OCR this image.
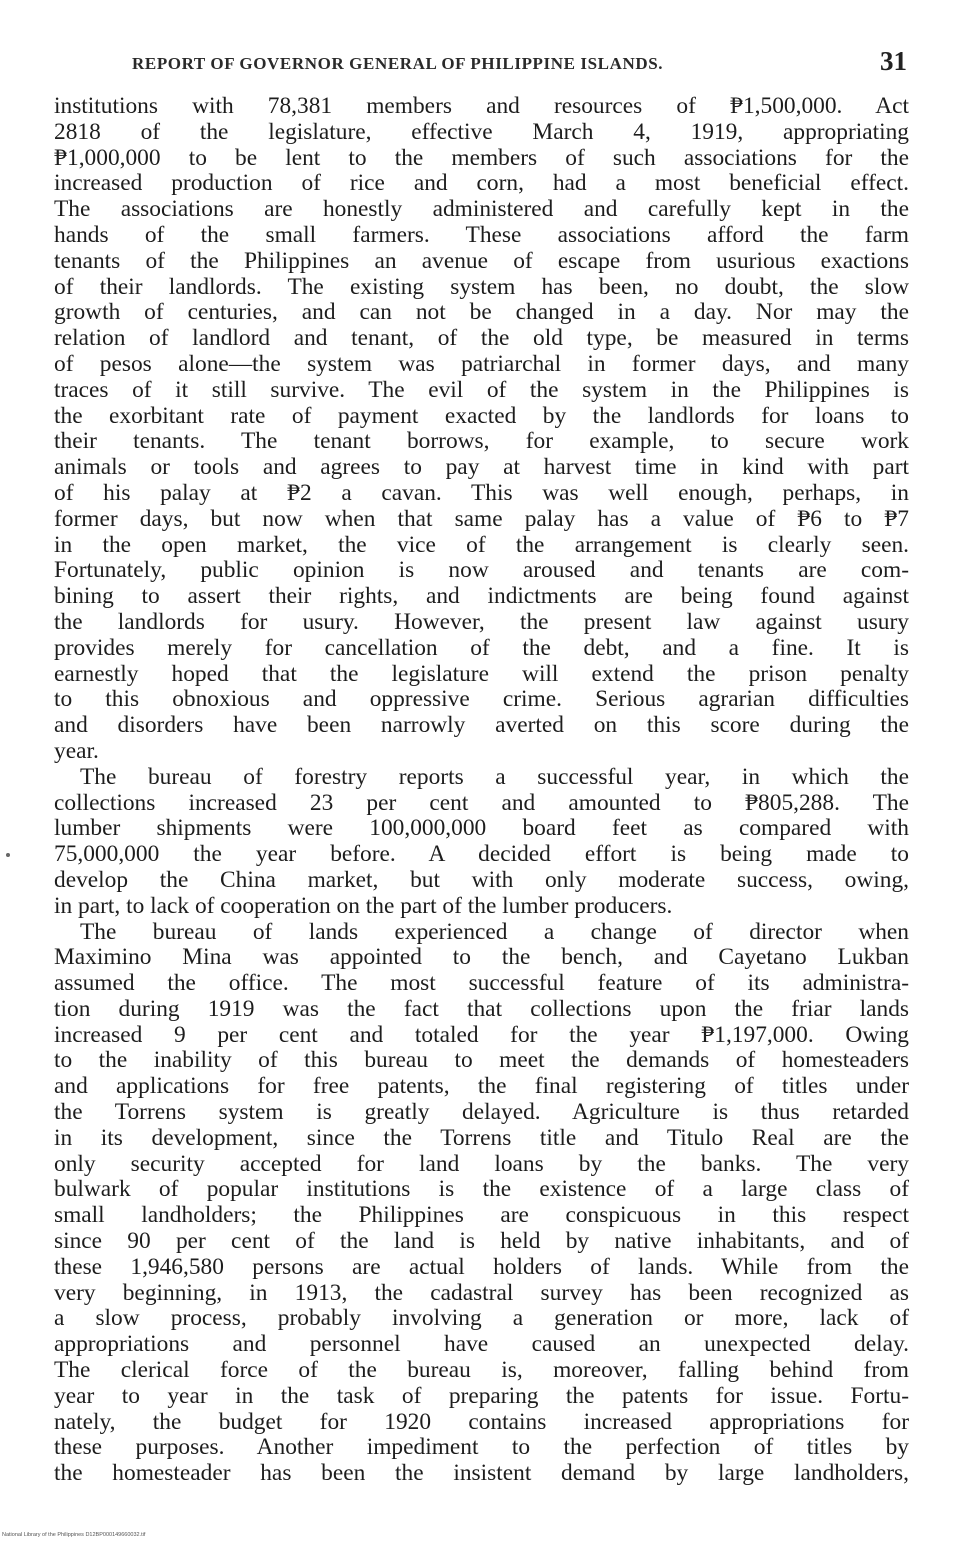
REPORT OF GOVERNOR GENERAL OF PHILIPPINE ISLANDS.	31
institutions with 78,381 members and resources of ₱1,500,000. Act
2818 of the legislature, effective March 4, 1919, appropriating
₱1,000,000 to be lent to the members of such associations for the
increased production of rice and corn, had a most beneficial effect.
The associations are honestly administered and carefully kept in the
hands of the small farmers. These associations afford the farm
tenants of the Philippines an avenue of escape from usurious exactions
of their landlords. The existing system has been, no doubt, the slow
growth of centuries, and can not be changed in a day. Nor may the
relation of landlord and tenant, of the old type, be measured in terms
of pesos alone—the system was patriarchal in former days, and many
traces of it still survive. The evil of the system in the Philippines is
the exorbitant rate of payment exacted by the landlords for loans to
their tenants. The tenant borrows, for example, to secure work
animals or tools and agrees to pay at harvest time in kind with part
of his palay at ₱2 a cavan. This was well enough, perhaps, in
former days, but now when that same palay has a value of ₱6 to ₱7
in the open market, the vice of the arrangement is clearly seen.
Fortunately, public opinion is now aroused and tenants are com-
bining to assert their rights, and indictments are being found against
the landlords for usury. However, the present law against usury
provides merely for cancellation of the debt, and a fine. It is
earnestly hoped that the legislature will extend the prison penalty
to this obnoxious and oppressive crime. Serious agrarian difficulties
and disorders have been narrowly averted on this score during the
year.
The bureau of forestry reports a successful year, in which the
collections increased 23 per cent and amounted to ₱805,288. The
lumber shipments were 100,000,000 board feet as compared with
75,000,000 the year before. A decided effort is being made to
develop the China market, but with only moderate success, owing,
in part, to lack of cooperation on the part of the lumber producers.
The bureau of lands experienced a change of director when
Maximino Mina was appointed to the bench, and Cayetano Lukban
assumed the office. The most successful feature of its administra-
tion during 1919 was the fact that collections upon the friar lands
increased 9 per cent and totaled for the year ₱1,197,000. Owing
to the inability of this bureau to meet the demands of homesteaders
and applications for free patents, the final registering of titles under
the Torrens system is greatly delayed. Agriculture is thus retarded
in its development, since the Torrens title and Titulo Real are the
only security accepted for land loans by the banks. The very
bulwark of popular institutions is the existence of a large class of
small landholders; the Philippines are conspicuous in this respect
since 90 per cent of the land is held by native inhabitants, and of
these 1,946,580 persons are actual holders of lands. While from the
very beginning, in 1913, the cadastral survey has been recognized as
a slow process, probably involving a generation or more, lack of
appropriations and personnel have caused an unexpected delay.
The clerical force of the bureau is, moreover, falling behind from
year to year in the task of preparing the patents for issue. Fortu-
nately, the budget for 1920 contains increased appropriations for
these purposes. Another impediment to the perfection of titles by
the homesteader has been the insistent demand by large landholders,
National Library of the Philippines D12BP000149660032.tif
